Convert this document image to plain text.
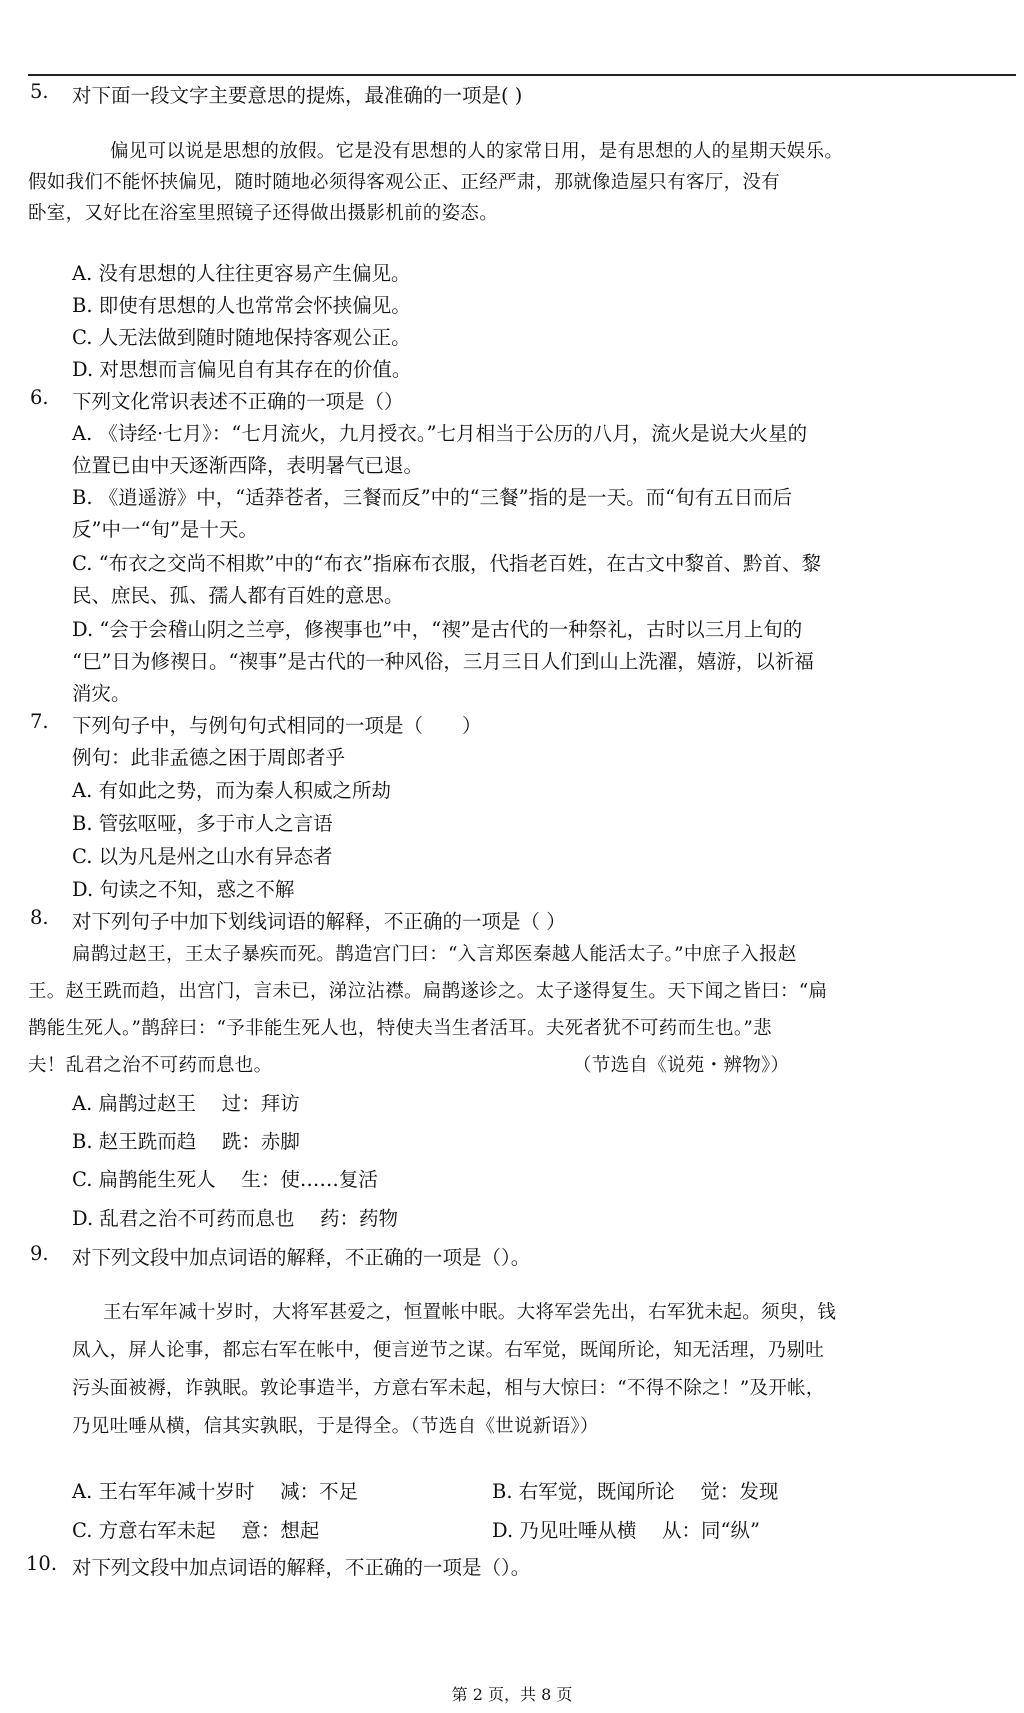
5. 对下面一段文字主要意思的提炼，最准确的一项是( )
偏见可以说是思想的放假。它是没有思想的人的家常日用，是有思想的人的星期天娱乐。
假如我们不能怀挟偏见，随时随地必须得客观公正、正经严肃，那就像造屋只有客厅，没有
卧室，又好比在浴室里照镜子还得做出摄影机前的姿态。
A. 没有思想的人往往更容易产生偏见。
B. 即使有思想的人也常常会怀挟偏见。
C. 人无法做到随时随地保持客观公正。
D. 对思想而言偏见自有其存在的价值。
6. 下列文化常识表述不正确的一项是（）
A. 《诗经·七月》：“七月流火，九月授衣。”七月相当于公历的八月，流火是说大火星的
位置已由中天逐渐西降，表明暑气已退。
B. 《逍遥游》中，“适莽苍者，三餐而反”中的“三餐”指的是一天。而“旬有五日而后
反”中一“旬”是十天。
C. “布衣之交尚不相欺”中的“布衣”指麻布衣服，代指老百姓，在古文中黎首、黔首、黎
民、庶民、孤、孺人都有百姓的意思。
D. “会于会稽山阴之兰亭，修禊事也”中，“禊”是古代的一种祭礼，古时以三月上旬的
“巳”日为修禊日。“禊事”是古代的一种风俗，三月三日人们到山上洗濯，嬉游，以祈福
消灾。
7. 下列句子中，与例句句式相同的一项是（　　）
例句：此非孟德之困于周郎者乎
A. 有如此之势，而为秦人积威之所劫
B. 管弦呕哑，多于市人之言语
C. 以为凡是州之山水有异态者
D. 句读之不知，惑之不解
8. 对下列句子中加下划线词语的解释，不正确的一项是（ ）
扁鹊过赵王，王太子暴疾而死。鹊造宫门曰：“入言郑医秦越人能活太子。”中庶子入报赵
王。赵王跣而趋，出宫门，言未已，涕泣沾襟。扁鹊遂诊之。太子遂得复生。天下闻之皆曰：“扁
鹊能生死人。”鹊辞曰：“予非能生死人也，特使夫当生者活耳。夫死者犹不可药而生也。”悲
夫！乱君之治不可药而息也。	（节选自《说苑・辨物》）
A. 扁鹊过赵王　 过：拜访
B. 赵王跣而趋　 跣：赤脚
C. 扁鹊能生死人　 生：使……复活
D. 乱君之治不可药而息也　 药：药物
9. 对下列文段中加点词语的解释，不正确的一项是（）。
王右军年减十岁时，大将军甚爱之，恒置帐中眠。大将军尝先出，右军犹未起。须臾，钱
凤入，屏人论事，都忘右军在帐中，便言逆节之谋。右军觉，既闻所论，知无活理，乃剔吐
污头面被褥，诈孰眠。敦论事造半，方意右军未起，相与大惊曰：“不得不除之！”及开帐，
乃见吐唾从横，信其实孰眠，于是得全。（节选自《世说新语》）
A. 王右军年减十岁时　 减：不足	B. 右军觉，既闻所论　 觉：发现
C. 方意右军未起　 意：想起	D. 乃见吐唾从横　 从：同“纵”
10. 对下列文段中加点词语的解释，不正确的一项是（）。
第 2 页，共 8 页
